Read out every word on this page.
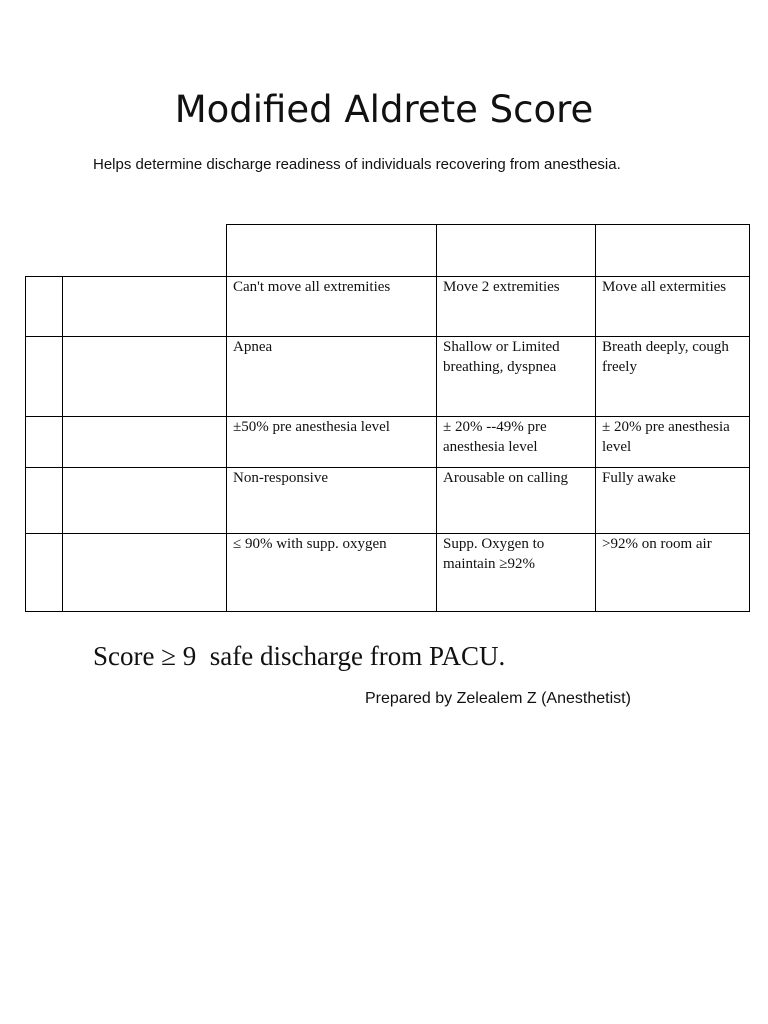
Modified Aldrete Score

Helps determine discharge readiness of individuals recovering from anesthesia.

		Can't move all extremities	Move 2 extremities	Move all extermities
		Apnea	Shallow or Limited breathing, dyspnea	Breath deeply, cough freely
		±50% pre anesthesia level	± 20% --49% pre anesthesia level	± 20% pre anesthesia level
		Non-responsive	Arousable on calling	Fully awake
		≤ 90% with supp. oxygen	Supp. Oxygen to maintain ≥92%	>92% on room air

Score ≥ 9  safe discharge from PACU.

Prepared by Zelealem Z (Anesthetist)
